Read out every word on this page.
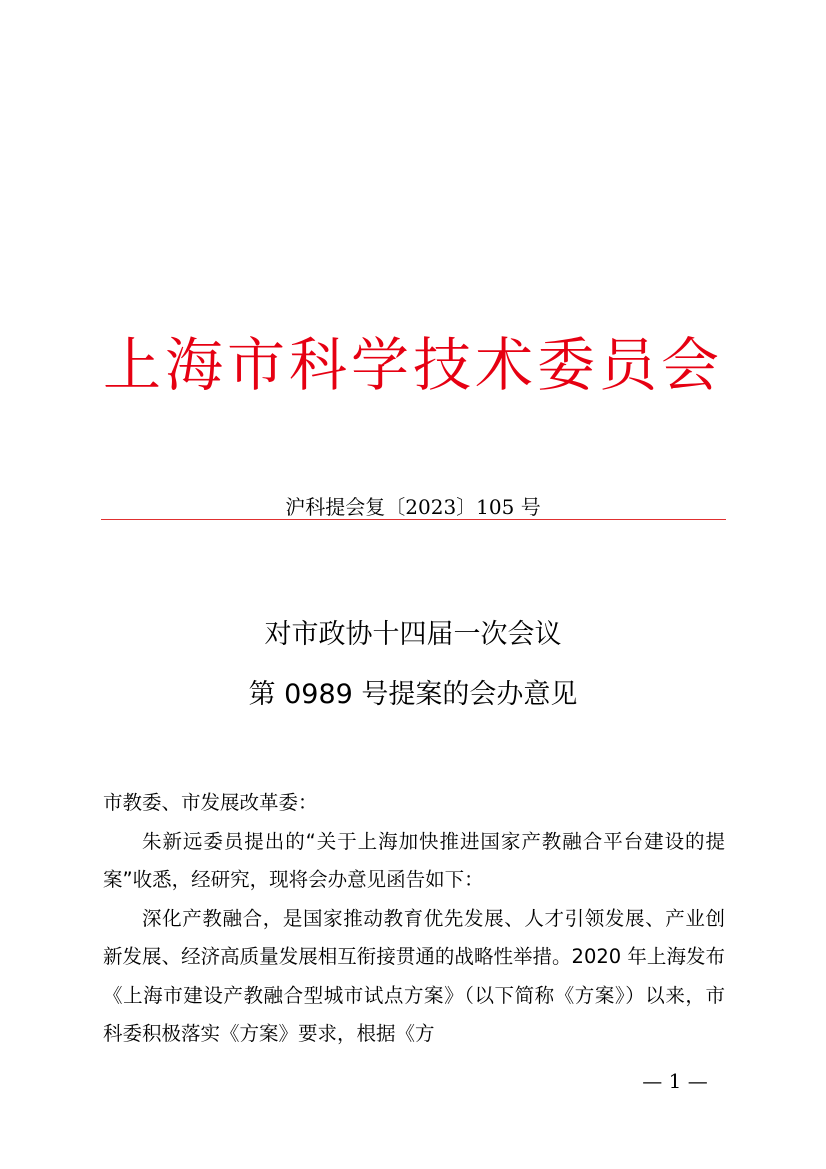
上海市科学技术委员会
沪科提会复〔2023〕105 号
对市政协十四届一次会议
第 0989 号提案的会办意见

市教委、市发展改革委：

朱新远委员提出的“关于上海加快推进国家产教融合平台建设的提案”收悉，经研究，现将会办意见函告如下：

深化产教融合，是国家推动教育优先发展、人才引领发展、产业创新发展、经济高质量发展相互衔接贯通的战略性举措。2020 年上海发布《上海市建设产教融合型城市试点方案》（以下简称《方案》）以来，市科委积极落实《方案》要求，根据《方

— 1 —
